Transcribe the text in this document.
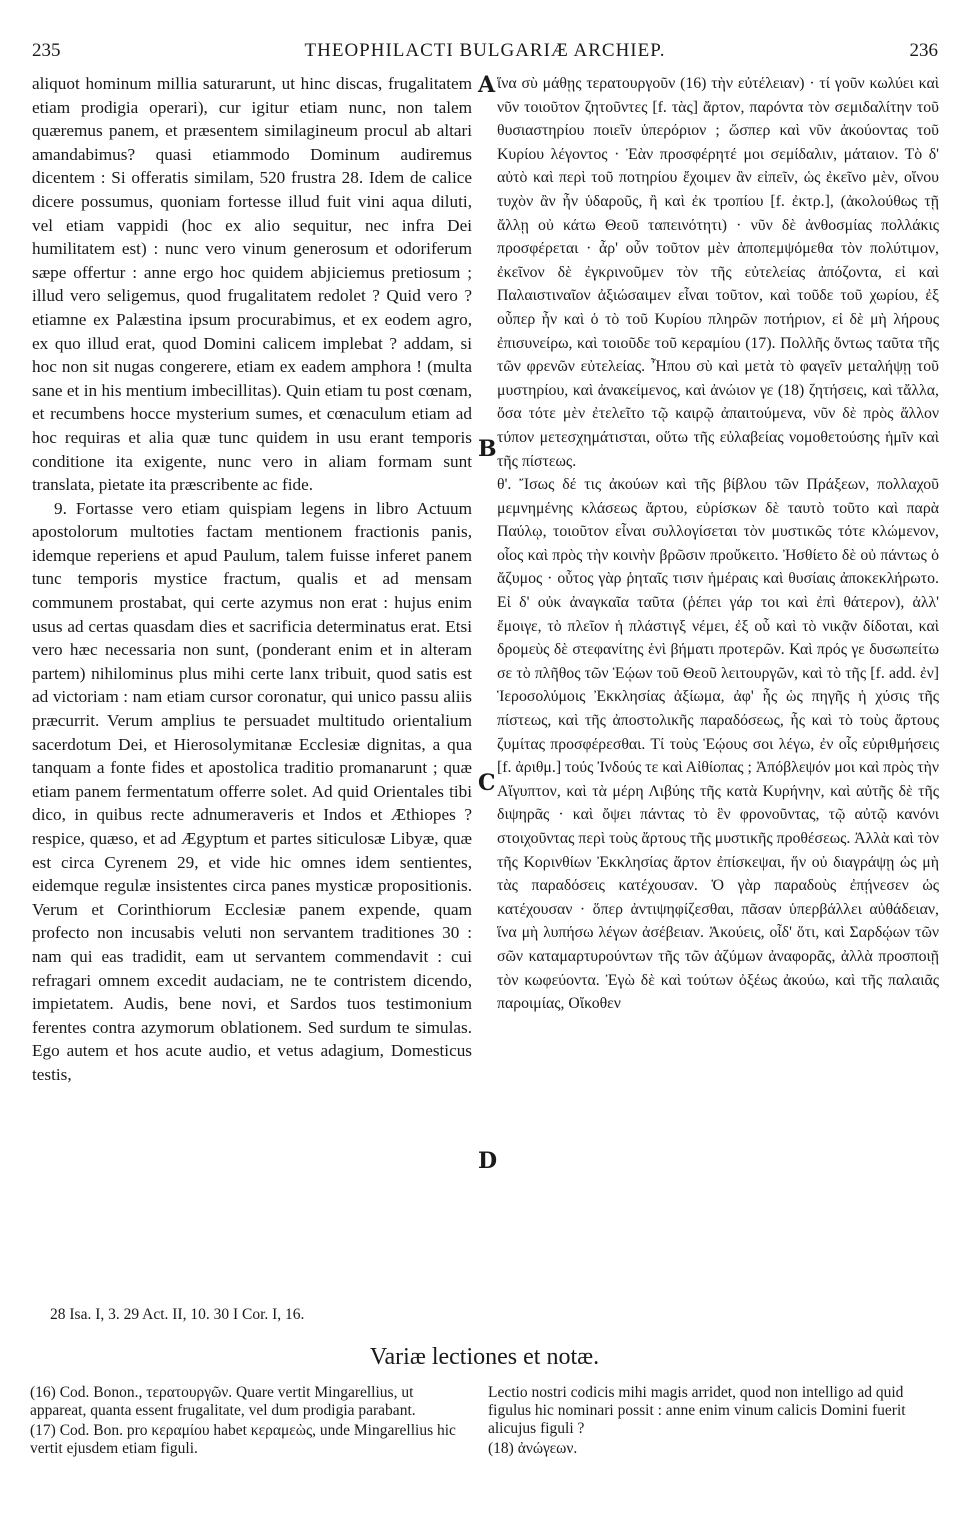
235	THEOPHILACTI BULGARIÆ ARCHIEP.	236

aliquot hominum millia saturarunt, ut hinc discas, frugalitatem etiam prodigia operari), cur igitur etiam nunc, non talem quæremus panem, et præsentem similagineum procul ab altari amandabimus? quasi etiammodo Dominum audiremus dicentem : Si offeratis similam, 520 frustra 28. Idem de calice dicere possumus, quoniam fortesse illud fuit vini aqua diluti, vel etiam vappidi (hoc ex alio sequitur, nec infra Dei humilitatem est) : nunc vero vinum generosum et odoriferum sæpe offertur : anne ergo hoc quidem abjiciemus pretiosum ; illud vero seligemus, quod frugalitatem redolet ? Quid vero ? etiamne ex Palæstina ipsum procurabimus, et ex eodem agro, ex quo illud erat, quod Domini calicem implebat ? addam, si hoc non sit nugas congerere, etiam ex eadem amphora ! (multa sane et in his mentium imbecillitas). Quin etiam tu post cœnam, et recumbens hocce mysterium sumes, et cœnaculum etiam ad hoc requiras et alia quæ tunc quidem in usu erant temporis conditione ita exigente, nunc vero in aliam formam sunt translata, pietate ita præscribente ac fide.

9. Fortasse vero etiam quispiam legens in libro Actuum apostolorum multoties factam mentionem fractionis panis, idemque reperiens et apud Paulum, talem fuisse inferet panem tunc temporis mystice fractum, qualis et ad mensam communem prostabat, qui certe azymus non erat : hujus enim usus ad certas quasdam dies et sacrificia determinatus erat. Etsi vero hæc necessaria non sunt, (ponderant enim et in alteram partem) nihilominus plus mihi certe lanx tribuit, quod satis est ad victoriam : nam etiam cursor coronatur, qui unico passu aliis præcurrit. Verum amplius te persuadet multitudo orientalium sacerdotum Dei, et Hierosolymitanæ Ecclesiæ dignitas, a qua tanquam a fonte fides et apostolica traditio promanarunt ; quæ etiam panem fermentatum offerre solet. Ad quid Orientales tibi dico, in quibus recte adnumeraveris et Indos et Æthiopes ? respice, quæso, et ad Ægyptum et partes siticulosæ Libyæ, quæ est circa Cyrenem 29, et vide hic omnes idem sentientes, eidemque regulæ insistentes circa panes mysticæ propositionis. Verum et Corinthiorum Ecclesiæ panem expende, quam profecto non incusabis veluti non servantem traditiones 30 : nam qui eas tradidit, eam ut servantem commendavit : cui refragari omnem excedit audaciam, ne te contristem dicendo, impietatem. Audis, bene novi, et Sardos tuos testimonium ferentes contra azymorum oblationem. Sed surdum te simulas. Ego autem et hos acute audio, et vetus adagium, Domesticus testis,

A
B
C
D

ἵνα σὺ μάθῃς τερατουργοῦν (16) τὴν εὐτέλειαν) · τί γοῦν κωλύει καὶ νῦν τοιοῦτον ζητοῦντες [f. τὰς] ἄρτον, παρόντα τὸν σεμιδαλίτην τοῦ θυσιαστηρίου ποιεῖν ὑπερόριον ; ὥσπερ καὶ νῦν ἀκούοντας τοῦ Κυρίου λέγοντος · Ἐὰν προσφέρητέ μοι σεμίδαλιν, μάταιον. Τὸ δ' αὐτὸ καὶ περὶ τοῦ ποτηρίου ἔχοιμεν ἂν εἰπεῖν, ὡς ἐκεῖνο μὲν, οἴνου τυχὸν ἂν ἦν ὑδαροῦς, ἢ καὶ ἐκ τροπίου [f. ἐκτρ.], (ἀκολούθως τῇ ἄλλῃ οὐ κάτω Θεοῦ ταπεινότητι) · νῦν δὲ ἀνθοσμίας πολλάκις προσφέρεται · ἆρ' οὖν τοῦτον μὲν ἀποπεμψόμεθα τὸν πολύτιμον, ἐκεῖνον δὲ ἐγκρινοῦμεν τὸν τῆς εὐτελείας ἀπόζοντα, εἰ καὶ Παλαιστιναῖον ἀξιώσαιμεν εἶναι τοῦτον, καὶ τοῦδε τοῦ χωρίου, ἐξ οὗπερ ἦν καὶ ὁ τὸ τοῦ Κυρίου πληρῶν ποτήριον, εἰ δὲ μὴ λήρους ἐπισυνείρω, καὶ τοιοῦδε τοῦ κεραμίου (17). Πολλῆς ὄντως ταῦτα τῆς τῶν φρενῶν εὐτελείας. Ἦπου σὺ καὶ μετὰ τὸ φαγεῖν μεταλήψῃ τοῦ μυστηρίου, καὶ ἀνακείμενος, καὶ ἀνώιον γε (18) ζητήσεις, καὶ τἄλλα, ὅσα τότε μὲν ἐτελεῖτο τῷ καιρῷ ἀπαιτούμενα, νῦν δὲ πρὸς ἄλλον τύπον μετεσχημάτισται, οὕτω τῆς εὐλαβείας νομοθετούσης ἡμῖν καὶ τῆς πίστεως.

θ'. Ἴσως δέ τις ἀκούων καὶ τῆς βίβλου τῶν Πράξεων, πολλαχοῦ μεμνημένης κλάσεως ἄρτου, εὑρίσκων δὲ ταυτὸ τοῦτο καὶ παρὰ Παύλῳ, τοιοῦτον εἶναι συλλογίσεται τὸν μυστικῶς τότε κλώμενον, οἷος καὶ πρὸς τὴν κοινὴν βρῶσιν προὔκειτο. Ἠσθίετο δὲ οὐ πάντως ὁ ἄζυμος · οὗτος γὰρ ῥηταῖς τισιν ἡμέραις καὶ θυσίαις ἀποκεκλήρωτο. Εἰ δ' οὐκ ἀναγκαῖα ταῦτα (ῥέπει γάρ τοι καὶ ἐπὶ θάτερον), ἀλλ' ἔμοιγε, τὸ πλεῖον ἡ πλάστιγξ νέμει, ἐξ οὗ καὶ τὸ νικᾷν δίδοται, καὶ δρομεὺς δὲ στεφανίτης ἑνὶ βήματι προτερῶν. Καὶ πρός γε δυσωπείτω σε τὸ πλῆθος τῶν Ἑῴων τοῦ Θεοῦ λειτουργῶν, καὶ τὸ τῆς [f. add. ἐν] Ἱεροσολύμοις Ἐκκλησίας ἀξίωμα, ἀφ' ἧς ὡς πηγῆς ἡ χύσις τῆς πίστεως, καὶ τῆς ἀποστολικῆς παραδόσεως, ἧς καὶ τὸ τοὺς ἄρτους ζυμίτας προσφέρεσθαι. Τί τοὺς Ἑῴους σοι λέγω, ἐν οἷς εὐριθμήσεις [f. ἀριθμ.] τούς Ἰνδούς τε καὶ Αἰθίοπας ; Ἀπόβλεψόν μοι καὶ πρὸς τὴν Αἴγυπτον, καὶ τὰ μέρη Λιβύης τῆς κατὰ Κυρήνην, καὶ αὐτῆς δὲ τῆς διψηρᾶς · καὶ ὄψει πάντας τὸ ἓν φρονοῦντας, τῷ αὐτῷ κανόνι στοιχοῦντας περὶ τοὺς ἄρτους τῆς μυστικῆς προθέσεως. Ἀλλὰ καὶ τὸν τῆς Κορινθίων Ἐκκλησίας ἄρτον ἐπίσκεψαι, ἥν οὐ διαγράψῃ ὡς μὴ τὰς παραδόσεις κατέχουσαν. Ὁ γὰρ παραδοὺς ἐπῄνεσεν ὡς κατέχουσαν · ὅπερ ἀντιψηφίζεσθαι, πᾶσαν ὑπερβάλλει αὐθάδειαν, ἵνα μὴ λυπήσω λέγων ἀσέβειαν. Ἀκούεις, οἶδ' ὅτι, καὶ Σαρδῴων τῶν σῶν καταμαρτυρούντων τῆς τῶν ἀζύμων ἀναφορᾶς, ἀλλὰ προσποιῇ τὸν κωφεύοντα. Ἐγὼ δὲ καὶ τούτων ὀξέως ἀκούω, καὶ τῆς παλαιᾶς παροιμίας, Οἴκοθεν

28 Isa. I, 3. 29 Act. II, 10. 30 I Cor. I, 16.
Variæ lectiones et notæ.

(16) Cod. Bonon., τερατουργῶν. Quare vertit Mingarellius, ut appareat, quanta essent frugalitate, vel dum prodigia parabant.

(17) Cod. Bon. pro κεραμίου habet κεραμεὼς, unde Mingarellius hic vertit ejusdem etiam figuli.

Lectio nostri codicis mihi magis arridet, quod non intelligo ad quid figulus hic nominari possit : anne enim vinum calicis Domini fuerit alicujus figuli ?

(18) ἀνώγεων.
